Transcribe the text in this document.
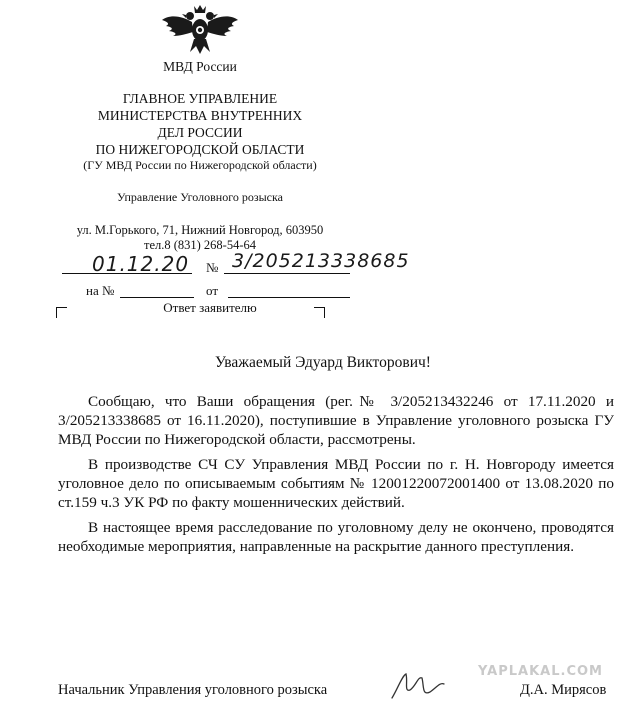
МВД России
ГЛАВНОЕ УПРАВЛЕНИЕ
МИНИСТЕРСТВА ВНУТРЕННИХ
ДЕЛ РОССИИ
ПО НИЖЕГОРОДСКОЙ ОБЛАСТИ
(ГУ МВД России по Нижегородской области)
Управление Уголовного розыска
ул. М.Горького, 71, Нижний Новгород, 603950
тел.8 (831) 268-54-64
01.12.20 № 3/205213338685
на №	от
Ответ заявителю
Уважаемый Эдуард Викторович!

Сообщаю, что Ваши обращения (рег.№ 3/205213432246 от 17.11.2020 и 3/205213338685 от 16.11.2020), поступившие в Управление уголовного розыска ГУ МВД России по Нижегородской области, рассмотрены.

В производстве СЧ СУ Управления МВД России по г. Н. Новгороду имеется уголовное дело по описываемым событиям № 12001220072001400 от 13.08.2020 по ст.159 ч.3 УК РФ по факту мошеннических действий.

В настоящее время расследование по уголовному делу не окончено, проводятся необходимые мероприятия, направленные на раскрытие данного преступления.

YAPLAKAL.COM
Начальник Управления уголовного розыска	Д.А. Мирясов
